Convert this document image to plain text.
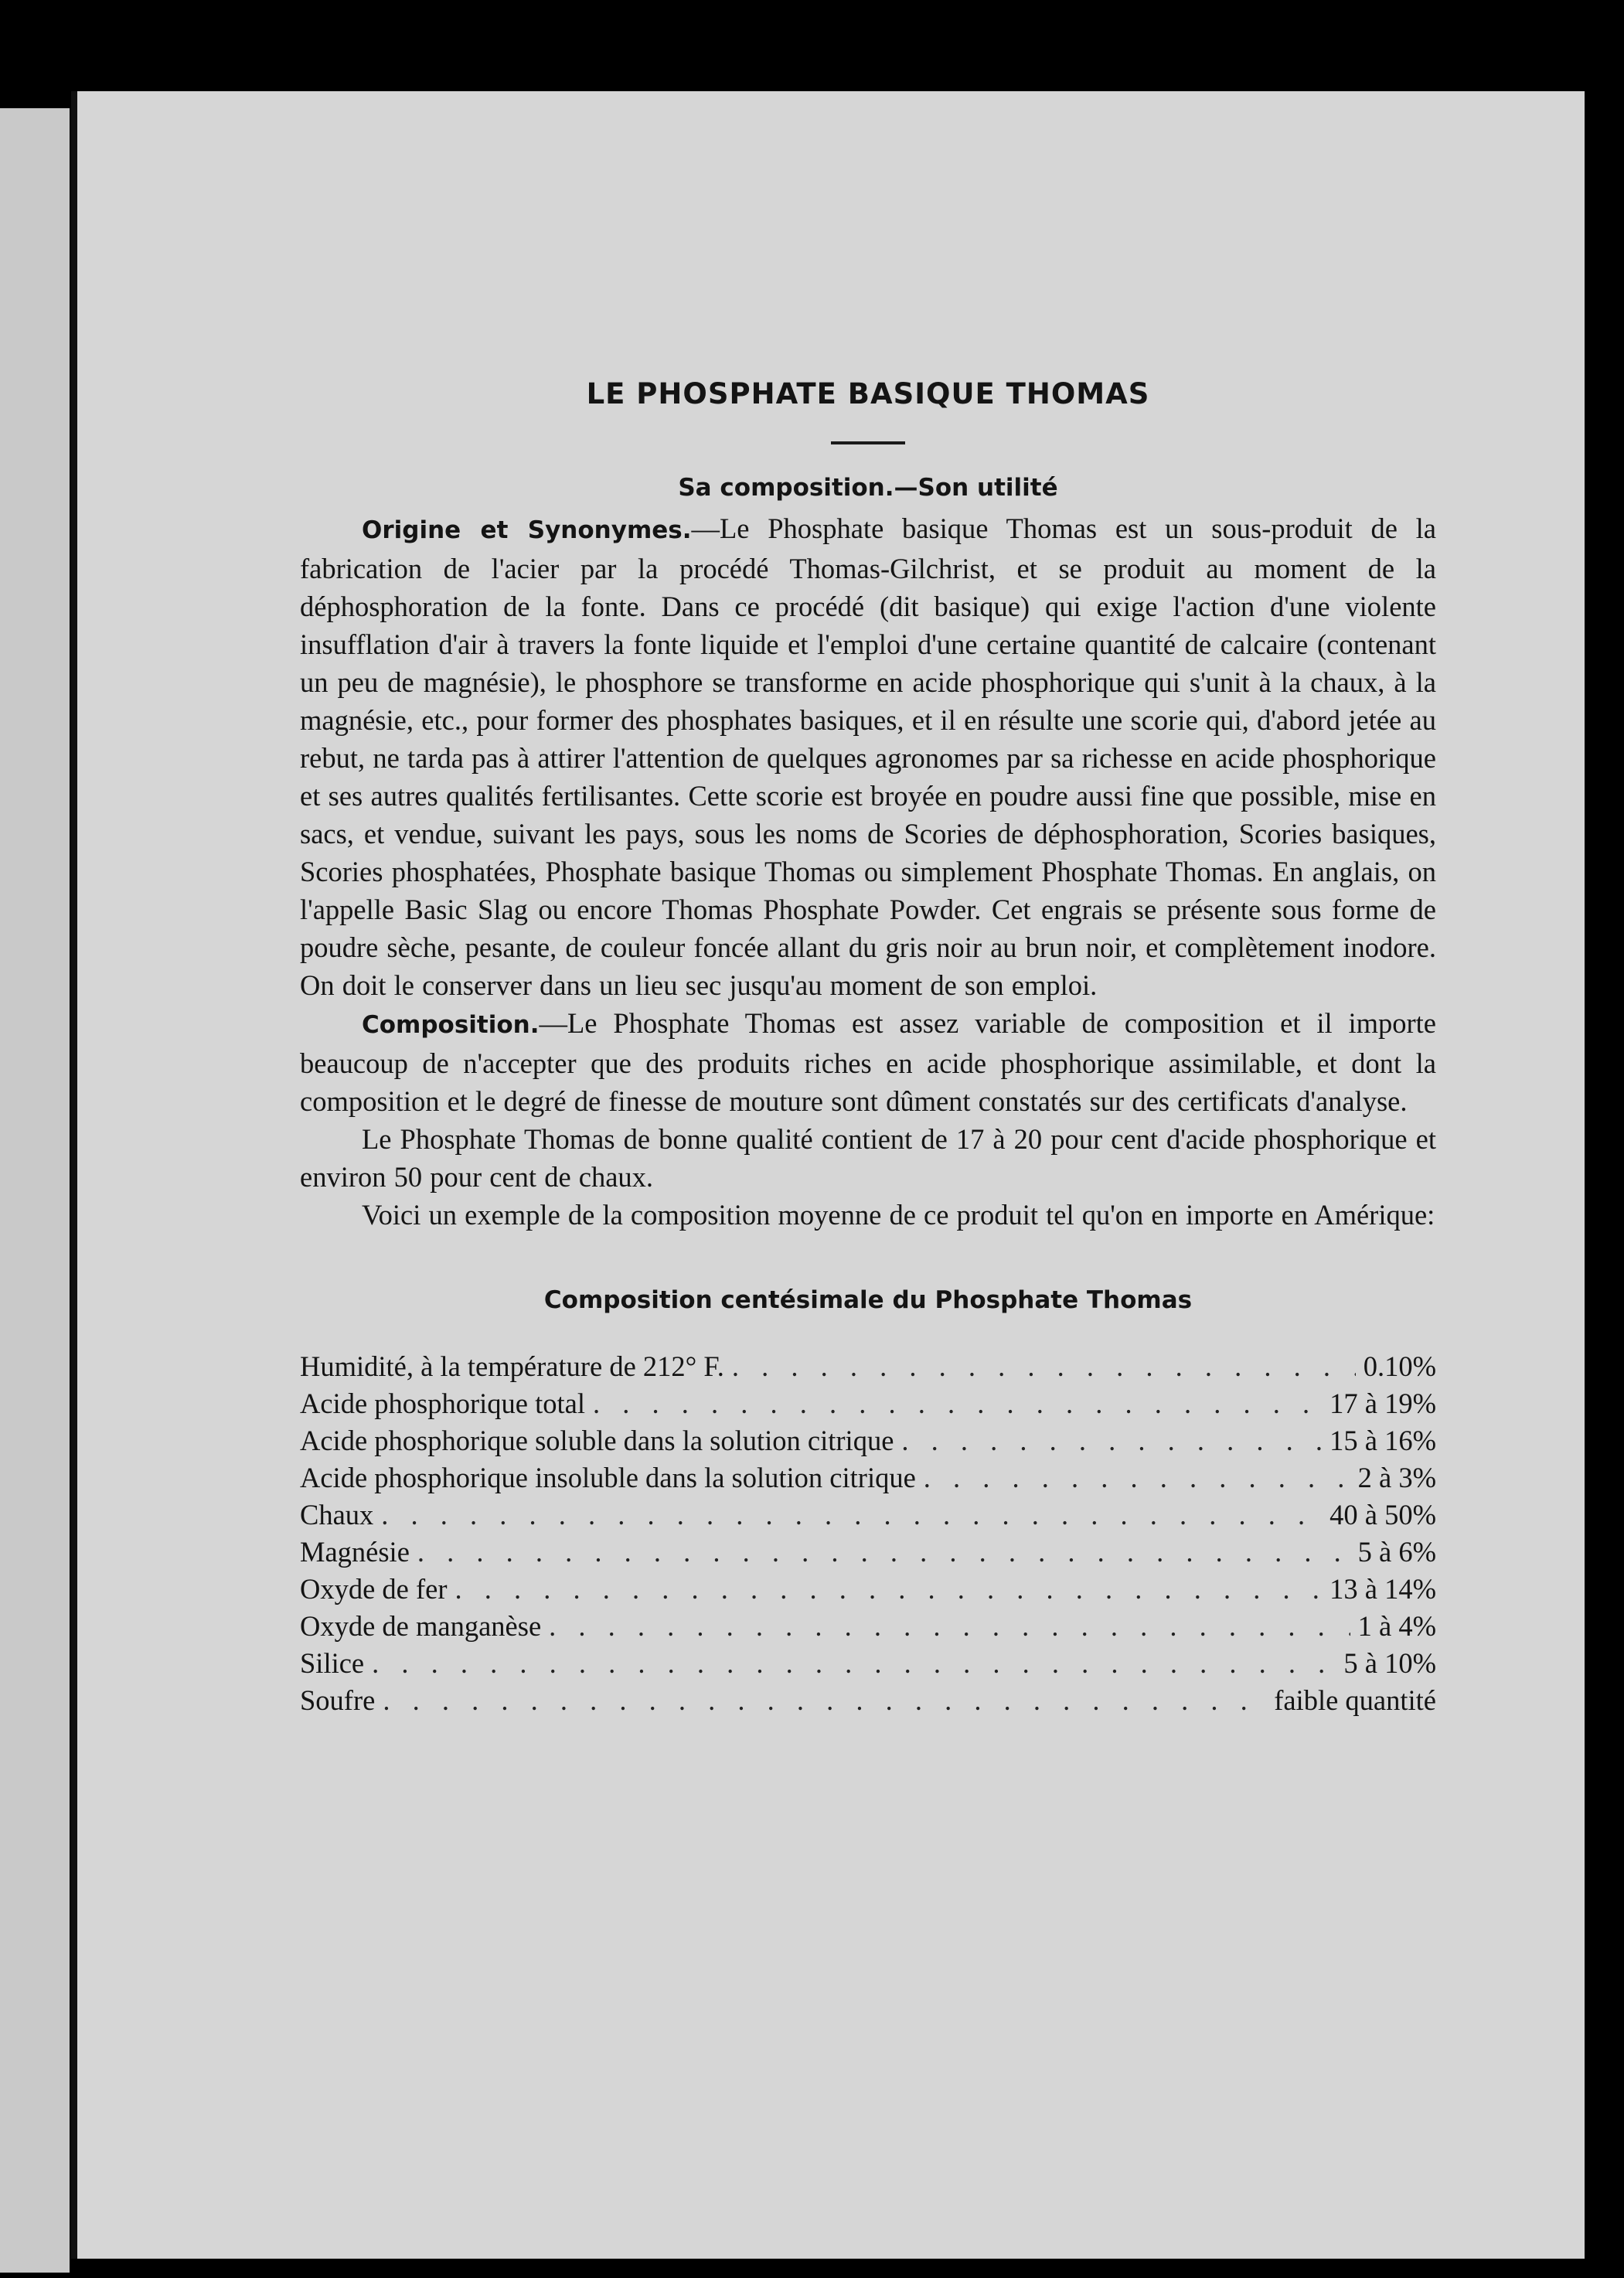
LE PHOSPHATE BASIQUE THOMAS
Sa composition.—Son utilité

Origine et Synonymes.—Le Phosphate basique Thomas est un sous-produit de la fabrication de l'acier par la procédé Thomas-Gilchrist, et se produit au moment de la déphosphoration de la fonte. Dans ce procédé (dit basique) qui exige l'action d'une violente insufflation d'air à travers la fonte liquide et l'emploi d'une certaine quantité de calcaire (contenant un peu de magnésie), le phosphore se transforme en acide phosphorique qui s'unit à la chaux, à la magnésie, etc., pour former des phosphates basiques, et il en résulte une scorie qui, d'abord jetée au rebut, ne tarda pas à attirer l'attention de quelques agronomes par sa richesse en acide phosphorique et ses autres qualités fertilisantes. Cette scorie est broyée en poudre aussi fine que possible, mise en sacs, et vendue, suivant les pays, sous les noms de Scories de déphosphoration, Scories basiques, Scories phosphatées, Phosphate basique Thomas ou simplement Phosphate Thomas. En anglais, on l'appelle Basic Slag ou encore Thomas Phosphate Powder. Cet engrais se présente sous forme de poudre sèche, pesante, de couleur foncée allant du gris noir au brun noir, et complètement inodore. On doit le conserver dans un lieu sec jusqu'au moment de son emploi.

Composition.—Le Phosphate Thomas est assez variable de composition et il importe beaucoup de n'accepter que des produits riches en acide phosphorique assimilable, et dont la composition et le degré de finesse de mouture sont dûment constatés sur des certificats d'analyse.

Le Phosphate Thomas de bonne qualité contient de 17 à 20 pour cent d'acide phosphorique et environ 50 pour cent de chaux.

Voici un exemple de la composition moyenne de ce produit tel qu'on en importe en Amérique:

Composition centésimale du Phosphate Thomas
Humidité, à la température de 212° F. . . .	0.10%
Acide phosphorique total . . .	17 à 19%
Acide phosphorique soluble dans la solution citrique . . .	15 à 16%
Acide phosphorique insoluble dans la solution citrique . . .	2 à 3%
Chaux . . .	40 à 50%
Magnésie . . .	5 à 6%
Oxyde de fer . . .	13 à 14%
Oxyde de manganèse . . .	1 à 4%
Silice . . .	5 à 10%
Soufre . . .	faible quantité
